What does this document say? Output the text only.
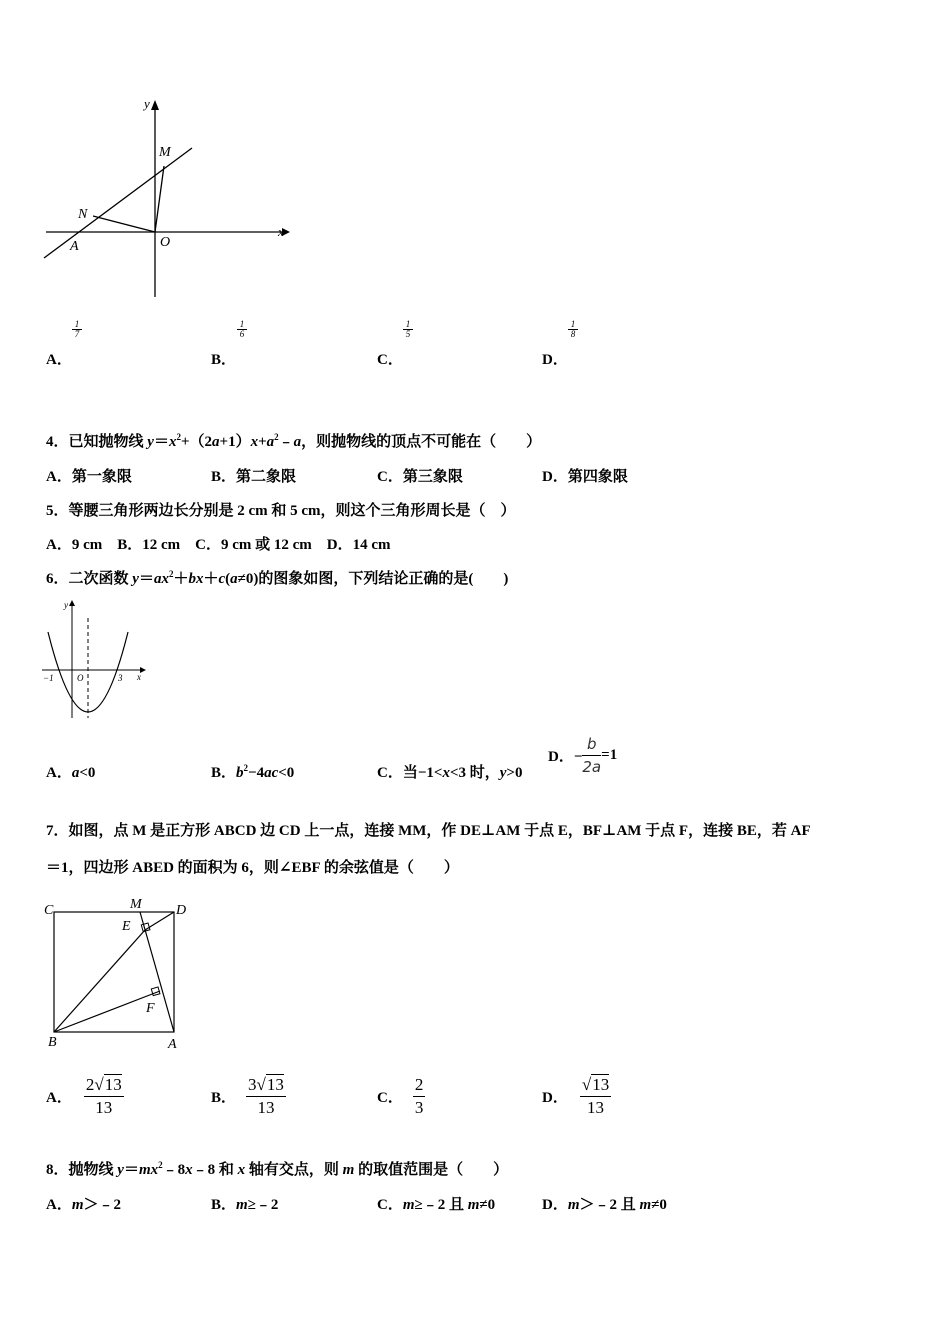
y
x
M
N
A	O
A．
1
7
B．
1
6
C．
1
5
D．
1
8
4．已知抛物线 $y=x^2+(2a+1)x+a^2﹣a$，则抛物线的顶点不可能在（　　）
A．第一象限	B．第二象限	C．第三象限	D．第四象限
5．等腰三角形两边长分别是 2 cm 和 5 cm，则这个三角形周长是（　）
A．9 cm　B．12 cm　C．9 cm 或 12 cm　D．14 cm
6．二次函数 $y=ax^2+bx+c(a\ne 0)$的图象如图，下列结论正确的是(　　)
y
x
O
−1	3
A．a<0	B．$b^2-4ac<0$	C．当−1<x<3 时，y>0
D．− $\frac{b}{2a} =1$
7．如图，点 M 是正方形 ABCD 边 CD 上一点，连接 MM，作 DE⊥AM 于点 E，BF⊥AM 于点 F，连接 BE，若 AF
＝1，四边形 ABED 的面积为 6，则∠EBF 的余弦值是（　　）
C	M D
E
F
B	A
A． $\frac{2√13}{13}$	B． $\frac{3√13}{13}$	C． $\frac{2}{3}$	D． $\frac{√13}{13}$
8．抛物线 $y=mx^2﹣8x﹣8$ 和 x 轴有交点，则 m 的取值范围是（　　）
A．m＞﹣2	B．m≥﹣2	C．m≥﹣2 且 m≠0	D．m＞﹣2 且 m≠0
